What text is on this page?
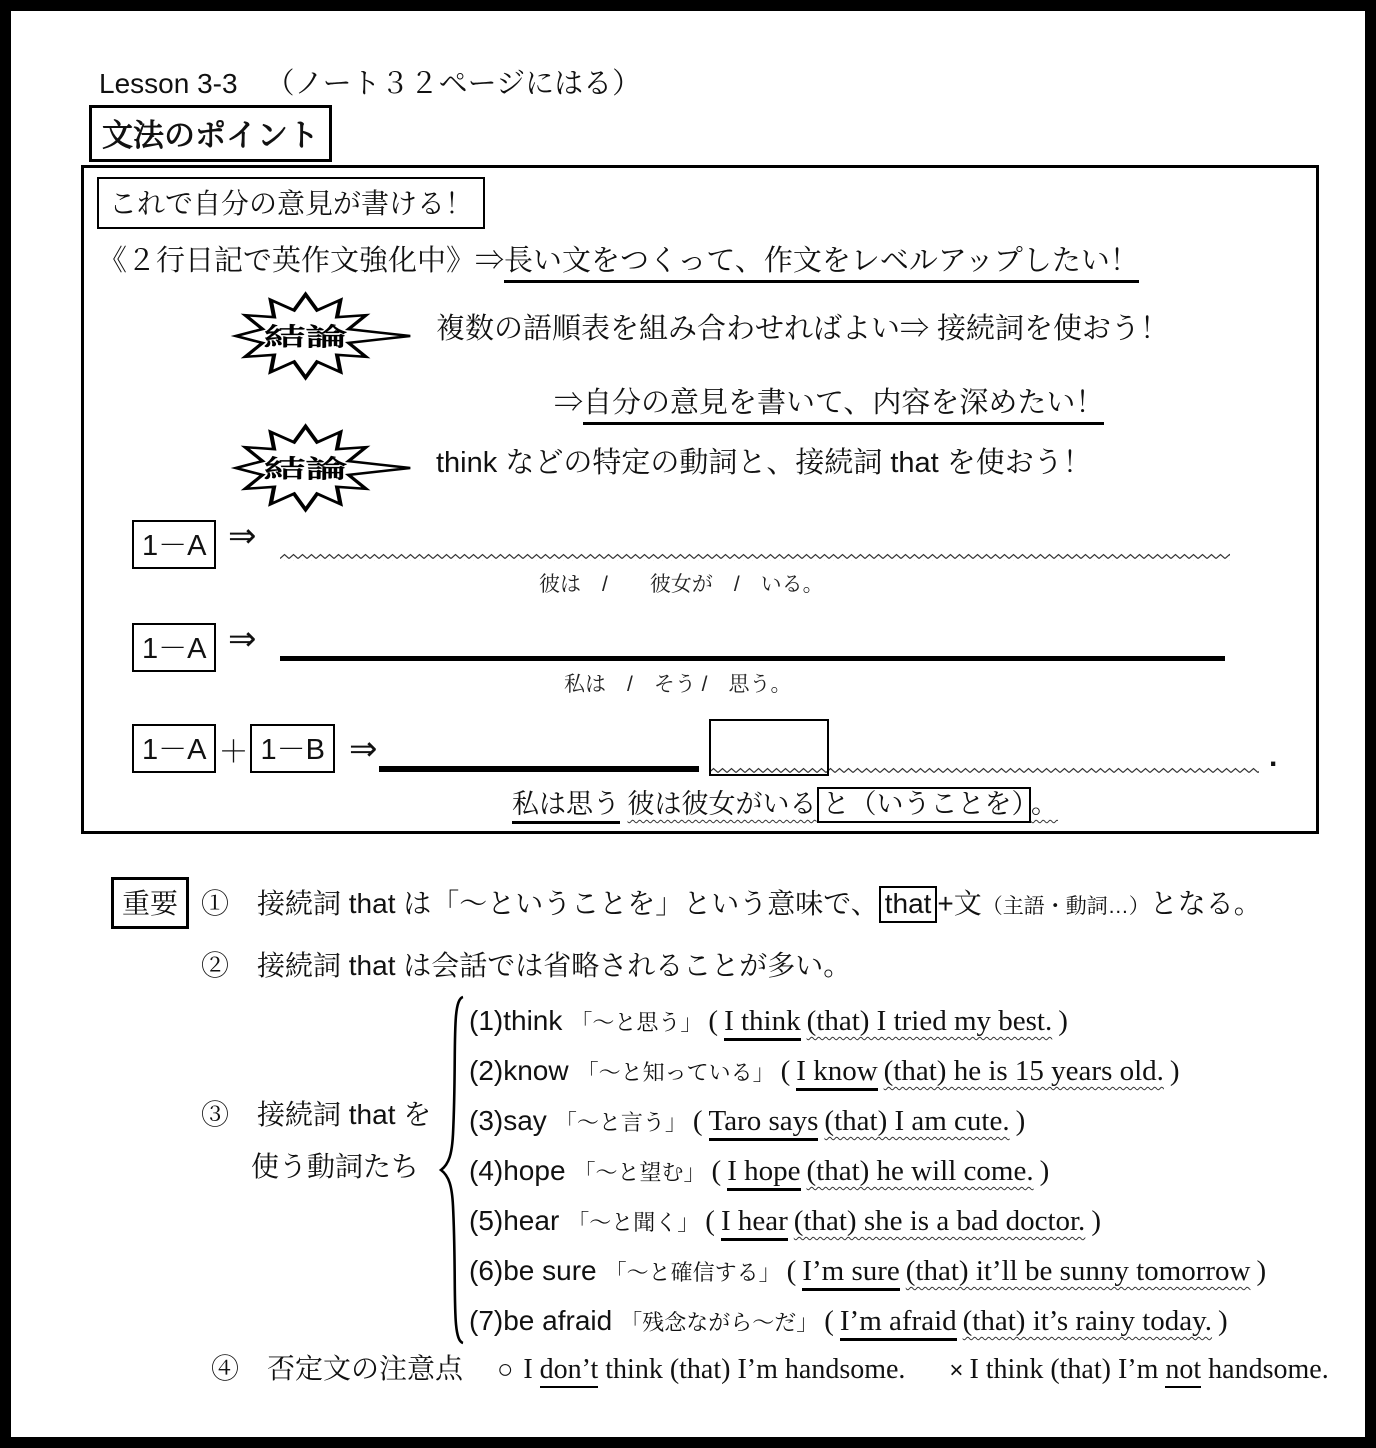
Lesson 3-3 （ノート３２ページにはる）
文法のポイント
これで自分の意見が書ける！
《２行日記で英作文強化中》⇒長い文をつくって、作文をレベルアップしたい！
結論	複数の語順表を組み合わせればよい⇒ 接続詞を使おう！
⇒自分の意見を書いて、内容を深めたい！
結論	think などの特定の動詞と、接続詞 that を使おう！
1－A ⇒
彼は　/　　彼女が　/　いる。
1－A ⇒
私は　/　そう /　思う。
1－A ＋ 1－B ⇒	.
私は思う 彼は彼女がいる と（いうことを） 。
重要 ①　接続詞 that は「〜ということを」という意味で、 that +文（主語・動詞…）となる。
②　接続詞 that は会話では省略されることが多い。
③　接続詞 that を
使う動詞たち
(1)think 「〜と思う」 ( I think (that) I tried my best. )
(2)know 「〜と知っている」 ( I know (that) he is 15 years old. )
(3)say 「〜と言う」 ( Taro says (that) I am cute. )
(4)hope 「〜と望む」 ( I hope (that) he will come. )
(5)hear 「〜と聞く」 ( I hear (that) she is a bad doctor. )
(6)be sure 「〜と確信する」 ( I’m sure (that) it’ll be sunny tomorrow )
(7)be afraid 「残念ながら〜だ」 ( I’m afraid (that) it’s rainy today. )
④　否定文の注意点 ○ I don’t think (that) I’m handsome. × I think (that) I’m not handsome.
